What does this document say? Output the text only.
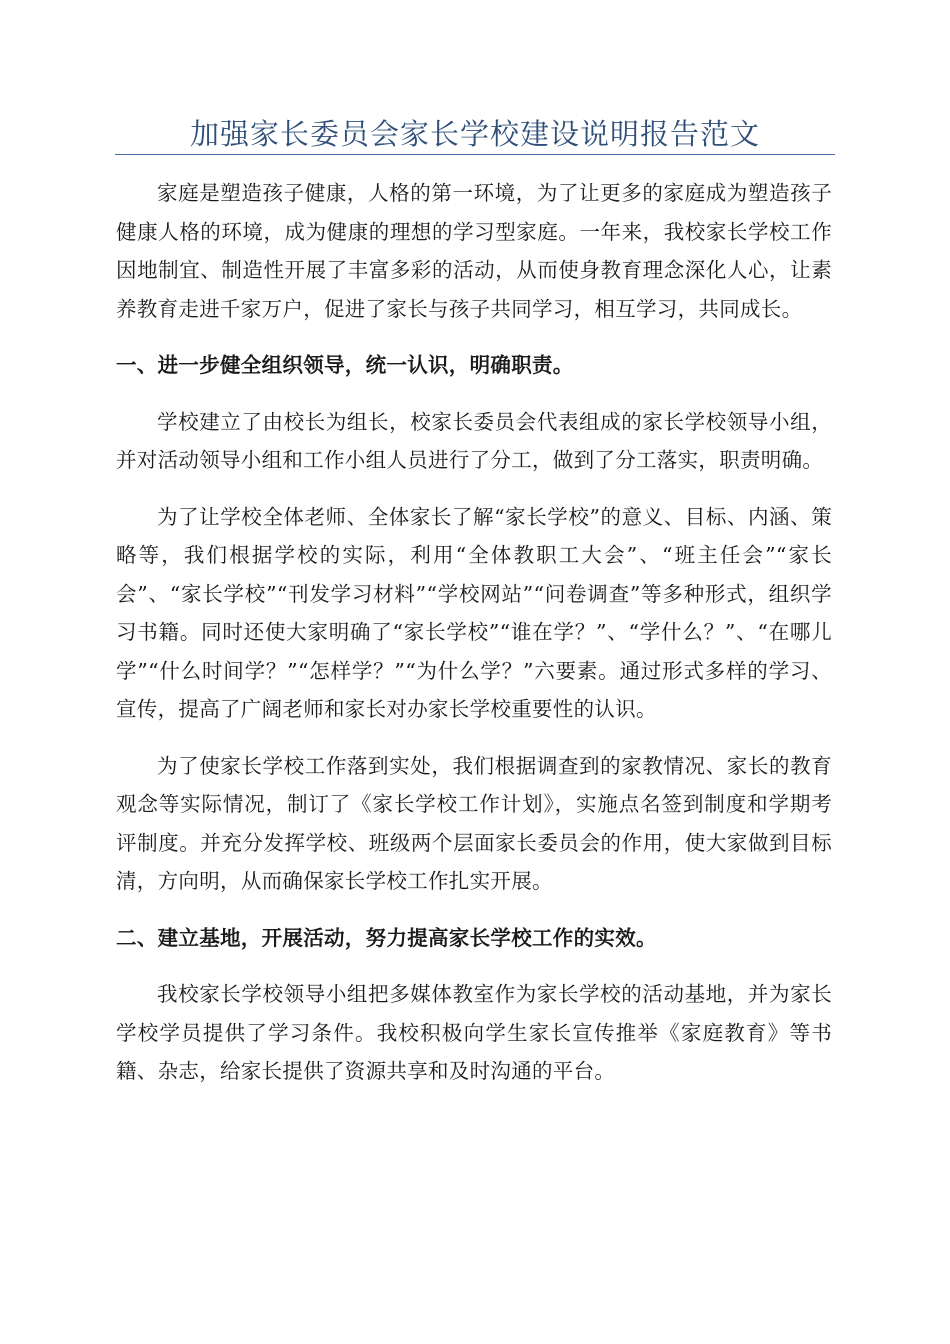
加强家长委员会家长学校建设说明报告范文

家庭是塑造孩子健康，人格的第一环境，为了让更多的家庭成为塑造孩子健康人格的环境，成为健康的理想的学习型家庭。一年来，我校家长学校工作因地制宜、制造性开展了丰富多彩的活动，从而使身教育理念深化人心，让素养教育走进千家万户，促进了家长与孩子共同学习，相互学习，共同成长。

一、进一步健全组织领导，统一认识，明确职责。

学校建立了由校长为组长，校家长委员会代表组成的家长学校领导小组，并对活动领导小组和工作小组人员进行了分工，做到了分工落实，职责明确。

为了让学校全体老师、全体家长了解“家长学校”的意义、目标、内涵、策略等，我们根据学校的实际，利用“全体教职工大会”、“班主任会”“家长会”、“家长学校”“刊发学习材料”“学校网站”“问卷调查”等多种形式，组织学习书籍。同时还使大家明确了“家长学校”“谁在学？”、“学什么？”、“在哪儿学”“什么时间学？”“怎样学？”“为什么学？”六要素。通过形式多样的学习、宣传，提高了广阔老师和家长对办家长学校重要性的认识。

为了使家长学校工作落到实处，我们根据调查到的家教情况、家长的教育观念等实际情况，制订了《家长学校工作计划》，实施点名签到制度和学期考评制度。并充分发挥学校、班级两个层面家长委员会的作用，使大家做到目标清，方向明，从而确保家长学校工作扎实开展。

二、建立基地，开展活动，努力提高家长学校工作的实效。

我校家长学校领导小组把多媒体教室作为家长学校的活动基地，并为家长学校学员提供了学习条件。我校积极向学生家长宣传推举《家庭教育》等书籍、杂志，给家长提供了资源共享和及时沟通的平台。
